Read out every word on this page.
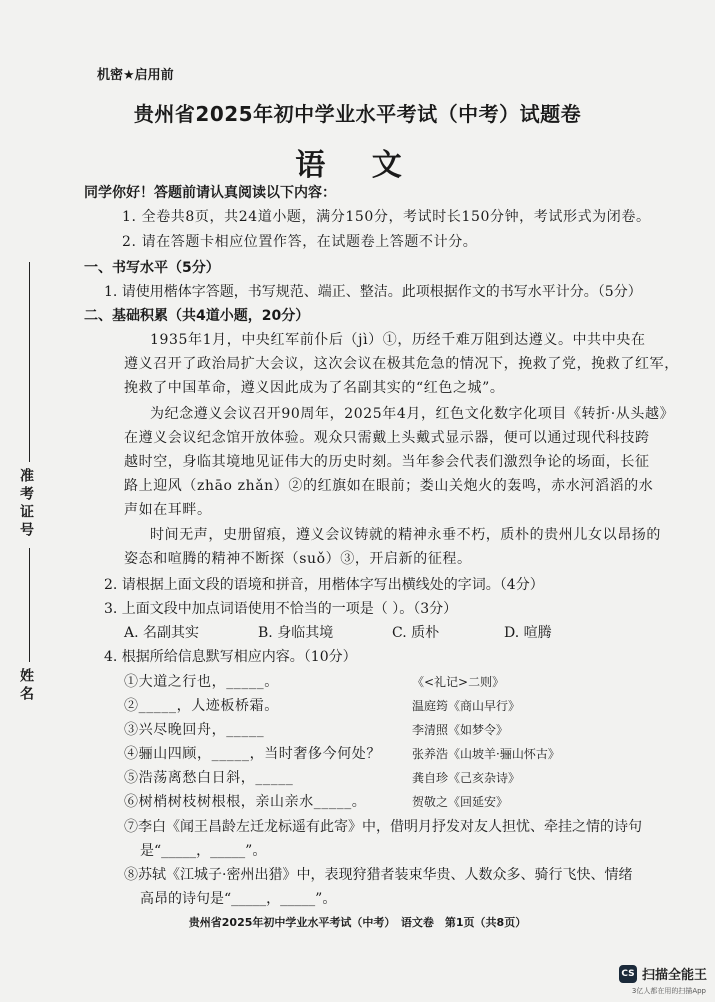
机密★启用前
贵州省2025年初中学业水平考试（中考）试题卷
语 文
同学你好！答题前请认真阅读以下内容：
1. 全卷共8页，共24道小题，满分150分，考试时长150分钟，考试形式为闭卷。
2. 请在答题卡相应位置作答，在试题卷上答题不计分。
一、书写水平（5分）
1. 请使用楷体字答题，书写规范、端正、整洁。此项根据作文的书写水平计分。（5分）
二、基础积累（共4道小题，20分）
1935年1月，中央红军前仆后（jì）①，历经千难万阻到达遵义。中共中央在
遵义召开了政治局扩大会议，这次会议在极其危急的情况下，挽救了党，挽救了红军，
挽救了中国革命，遵义因此成为了名副其实的“红色之城”。
为纪念遵义会议召开90周年，2025年4月，红色文化数字化项目《转折·从头越》
在遵义会议纪念馆开放体验。观众只需戴上头戴式显示器，便可以通过现代科技跨
越时空，身临其境地见证伟大的历史时刻。当年参会代表们激烈争论的场面，长征
路上迎风（zhāo zhǎn）②的红旗如在眼前；娄山关炮火的轰鸣，赤水河滔滔的水
声如在耳畔。
时间无声，史册留痕，遵义会议铸就的精神永垂不朽，质朴的贵州儿女以昂扬的
姿态和喧腾的精神不断探（suǒ）③，开启新的征程。
2. 请根据上面文段的语境和拼音，用楷体字写出横线处的字词。（4分）
3. 上面文段中加点词语使用不恰当的一项是（ ）。（3分）
A. 名副其实	B. 身临其境	C. 质朴	D. 喧腾
4. 根据所给信息默写相应内容。（10分）
①大道之行也，_____。	《<礼记>二则》
②_____，人迹板桥霜。	温庭筠《商山早行》
③兴尽晚回舟，_____	李清照《如梦令》
④骊山四顾，_____，当时奢侈今何处？	张养浩《山坡羊·骊山怀古》
⑤浩荡离愁白日斜，_____	龚自珍《己亥杂诗》
⑥树梢树枝树根根，亲山亲水_____。	贺敬之《回延安》
⑦李白《闻王昌龄左迁龙标遥有此寄》中，借明月抒发对友人担忧、牵挂之情的诗句
是“_____，_____”。
⑧苏轼《江城子·密州出猎》中，表现狩猎者装束华贵、人数众多、骑行飞快、情绪
高昂的诗句是“_____，_____”。
准考证号
姓名
贵州省2025年初中学业水平考试（中考）　语文卷　第1页（共8页）
CS 扫描全能王
3亿人都在用的扫描App
